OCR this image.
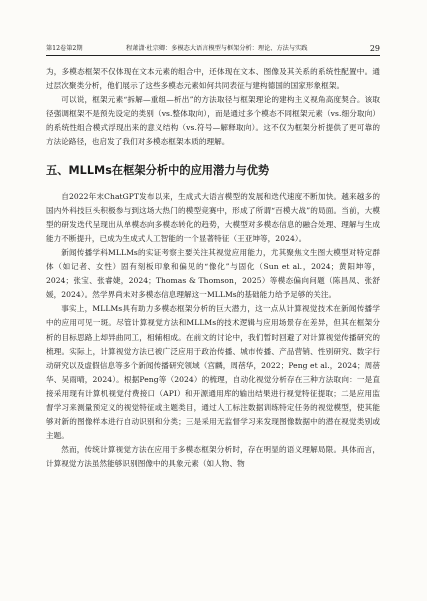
第12卷第2期	程萧潇·杜宗卿：多模态大语言模型与框架分析：理论、方法与实践	29

为，多模态框架不仅体现在文本元素的组合中，还体现在文本、图像及其关系的系统性配置中。通过层次聚类分析，他们展示了这些多模态元素如何共同表征与建构德国的国家形象框架。

可以说，框架元素“拆解—重组—析出”的方法取径与框架理论的建构主义视角高度契合。该取径强调框架不是预先设定的类别（vs.整体取向），而是通过多个模态不同框架元素（vs.细分取向）的系统性组合模式浮现出来的意义结构（vs.符号—解释取向）。这不仅为框架分析提供了更可靠的方法论路径，也启发了我们对多模态框架本质的理解。

五、MLLMs在框架分析中的应用潜力与优势

自2022年末ChatGPT发布以来，生成式大语言模型的发展和迭代速度不断加快。越来越多的国内外科技巨头积极参与到这场大热门的模型竞赛中，形成了所谓“百模大战”的局面。当前，大模型的研发迭代呈现出从单模态向多模态转化的趋势，大模型对多模态信息的融合处理、理解与生成能力不断提升，已成为生成式人工智能的一个显著特征（王亚坤等，2024）。

新闻传播学科MLLMs的实证考察主要关注其视觉应用能力，尤其聚焦文生图大模型对特定群体（如记者、女性）固有刻板印象和偏见的“像化”与固化（Sun et al.，2024；黄阳坤等，2024；张宝、张睿婕，2024；Thomas & Thomson，2025）等模态偏向问题（陈昌凤、张舒媛，2024）。然学界尚未对多模态信息理解这一MLLMs的基础能力给予足够的关注。

事实上，MLLMs具有助力多模态框架分析的巨大潜力，这一点从计算视觉技术在新闻传播学中的应用可见一斑。尽管计算视觉方法和MLLMs的技术逻辑与应用场景存在差异，但其在框架分析的目标思路上却异曲同工，相辅相成。在前文的讨论中，我们暂时回避了对计算视觉传播研究的梳理。实际上，计算视觉方法已被广泛应用于政治传播、城市传播、产品营销、性别研究、数字行动研究以及虚假信息等多个新闻传播研究领域（宫麟，周蓓华，2022；Peng et al.，2024；周蓓华、吴雨晴，2024）。根据Peng等（2024）的梳理，自动化视觉分析存在三种方法取向：一是直接采用现有计算机视觉付费接口（API）和开源通用库的输出结果进行视觉特征提取；二是应用监督学习来测量预定义的视觉特征或主题类目，通过人工标注数据训练特定任务的视觉模型，使其能够对新的图像样本进行自动识别和分类；三是采用无监督学习来发现图像数据中的潜在视觉类别或主题。

然而，传统计算视觉方法在应用于多模态框架分析时，存在明显的语义理解局限。具体而言，计算视觉方法虽然能够识别图像中的具象元素（如人物、物
